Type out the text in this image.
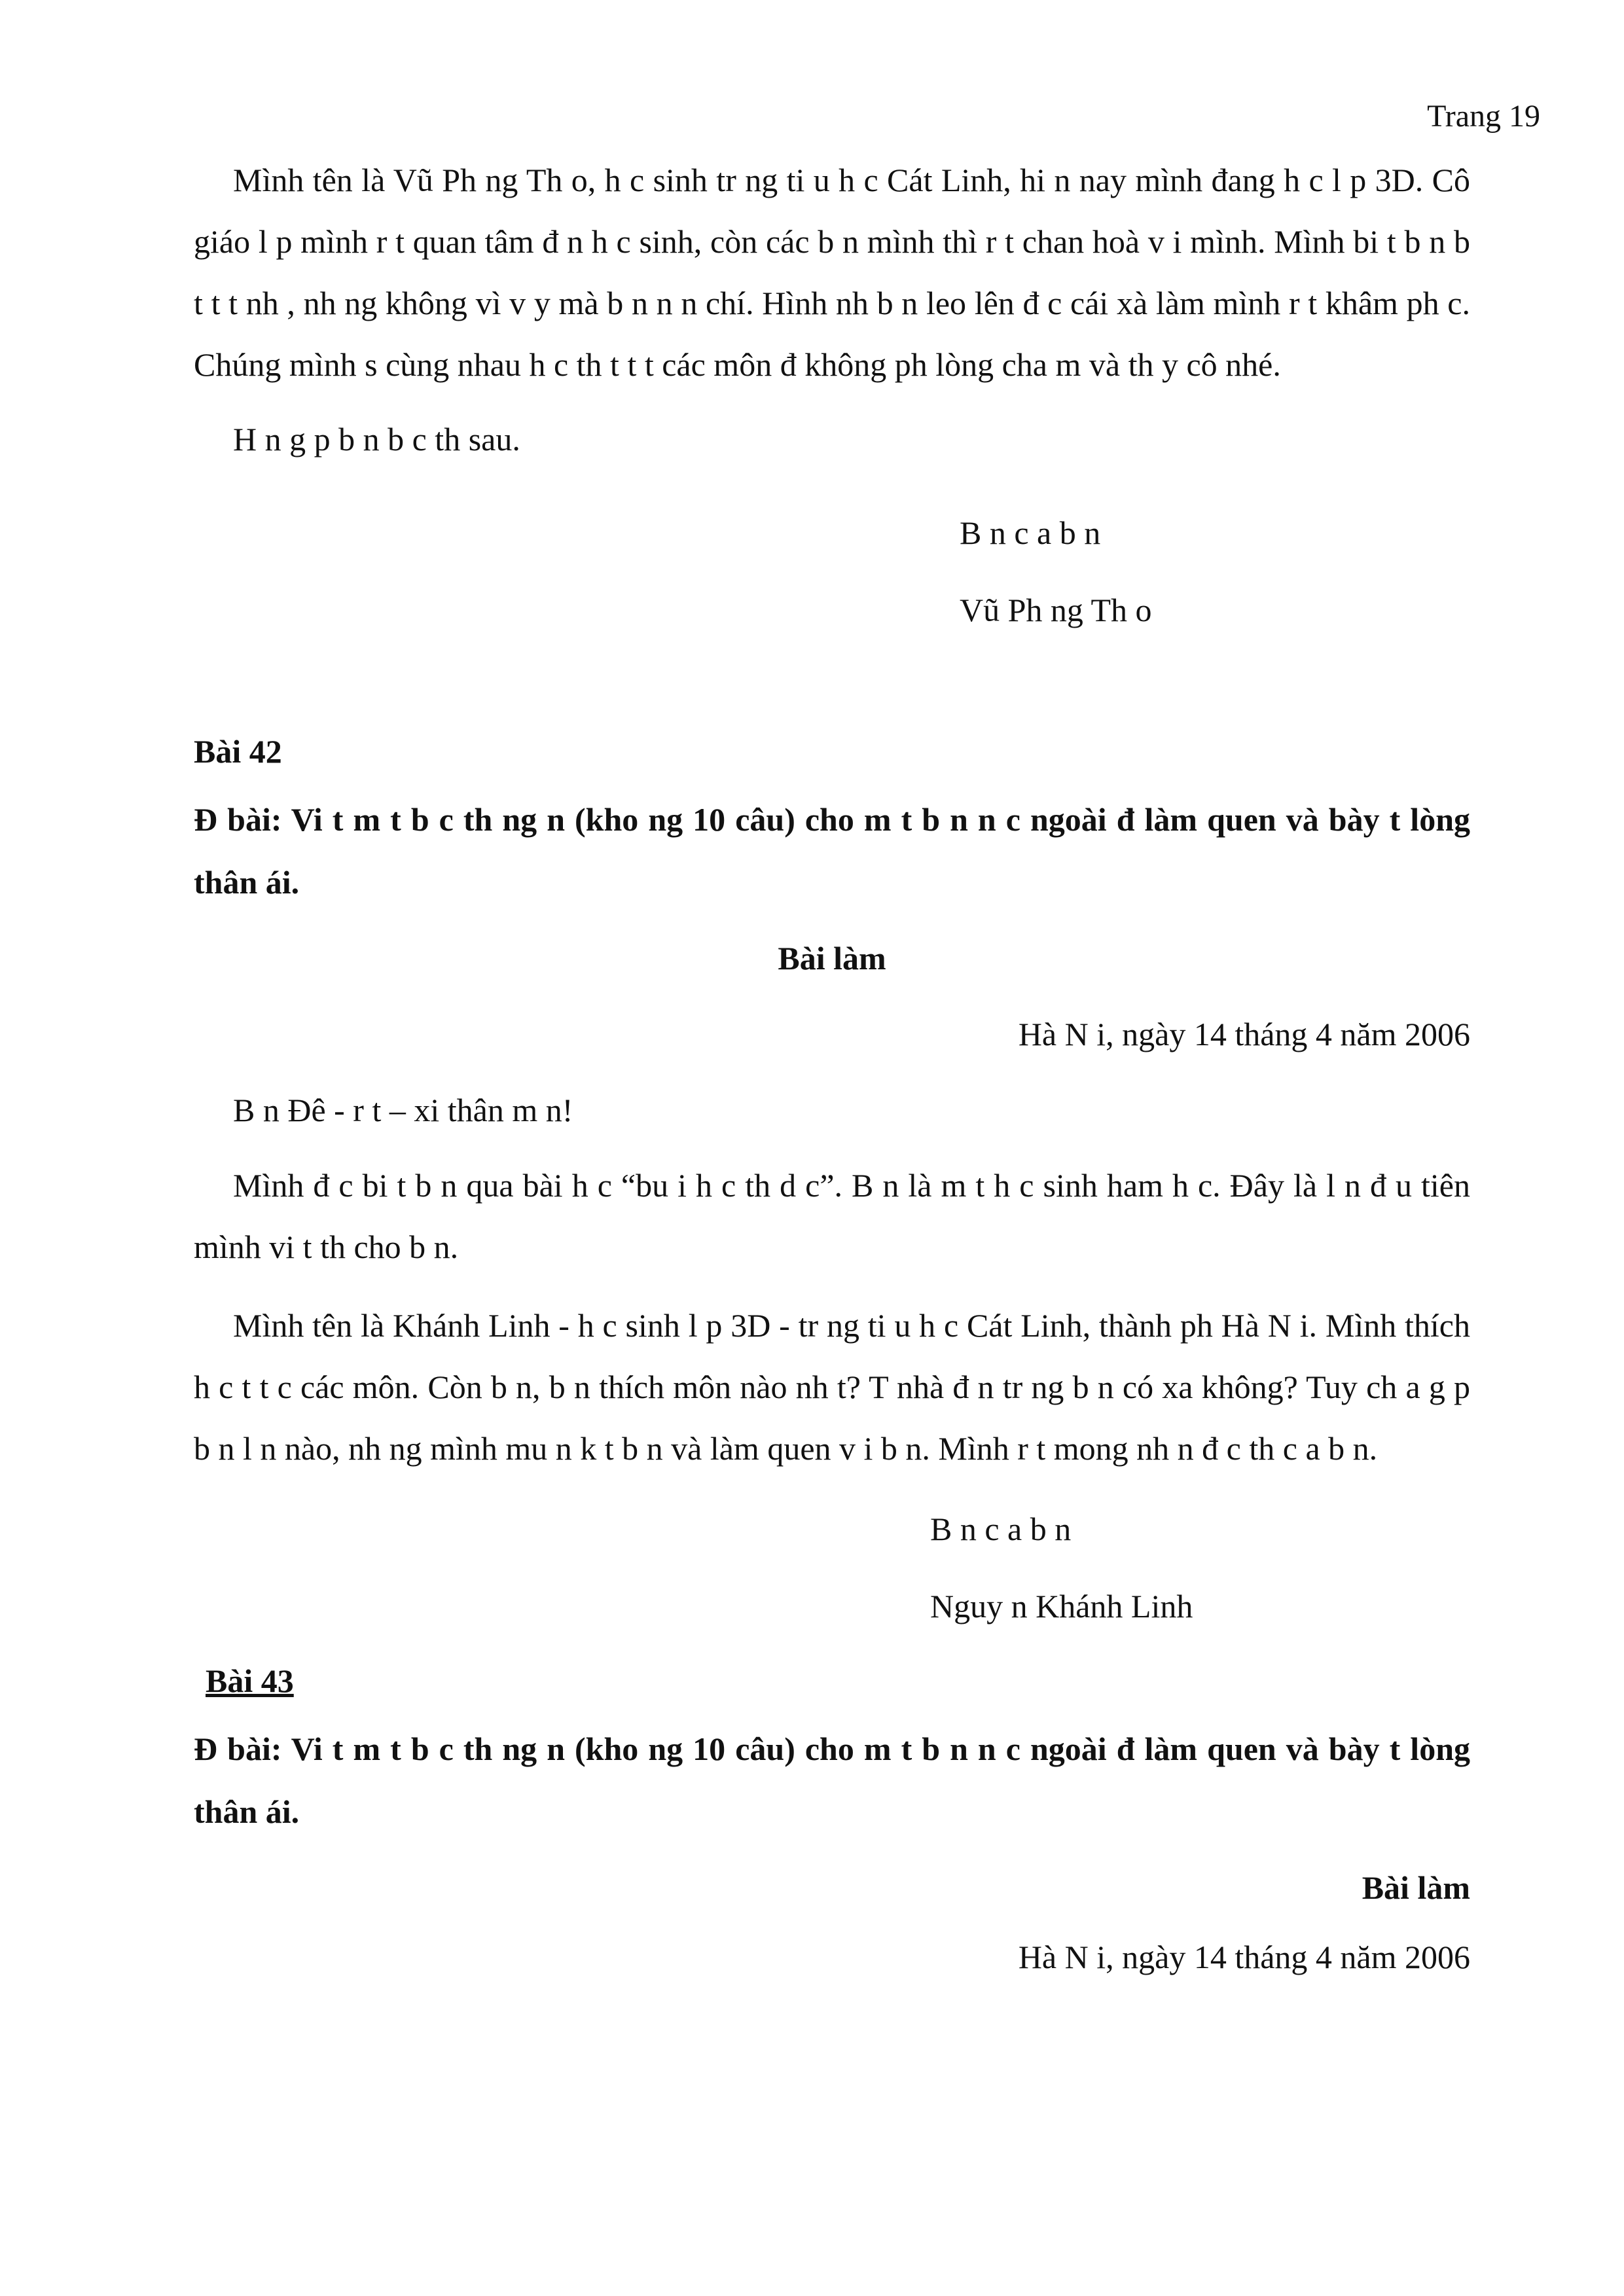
Trang 19

Mình tên là Vũ Ph ng Th o, h c sinh tr ng ti u h c Cát Linh, hi n nay mình đang h c l p 3D. Cô giáo l p mình r t quan tâm đ n h c sinh, còn các b n mình thì r t chan hoà v i mình. Mình bi t b n b t t t nh , nh ng không vì v y mà b n n n chí. Hình nh b n leo lên đ c cái xà làm mình r t khâm ph c. Chúng mình s cùng nhau h c th t t t các môn đ không ph lòng cha m và th y cô nhé.

H n g p b n b c th sau.

B n c a b n

Vũ Ph ng Th o

Bài 42

Đ bài: Vi t m t b c th ng n (kho ng 10 câu) cho m t b n n c ngoài đ làm quen và bày t lòng thân ái.

Bài làm

Hà N i, ngày 14 tháng 4 năm 2006

B n Đê - r t – xi thân m n!

Mình đ c bi t b n qua bài h c “bu i h c th d c”. B n là m t h c sinh ham h c. Đây là l n đ u tiên mình vi t th cho b n.

Mình tên là Khánh Linh - h c sinh l p 3D - tr ng ti u h c Cát Linh, thành ph Hà N i. Mình thích h c t t c các môn. Còn b n, b n thích môn nào nh t? T nhà đ n tr ng b n có xa không? Tuy ch a g p b n l n nào, nh ng mình mu n k t b n và làm quen v i b n. Mình r t mong nh n đ c th c a b n.

B n c a b n

Nguy n Khánh Linh

Bài 43

Đ bài: Vi t m t b c th ng n (kho ng 10 câu) cho m t b n n c ngoài đ làm quen và bày t lòng thân ái.

Bài làm

Hà N i, ngày 14 tháng 4 năm 2006
